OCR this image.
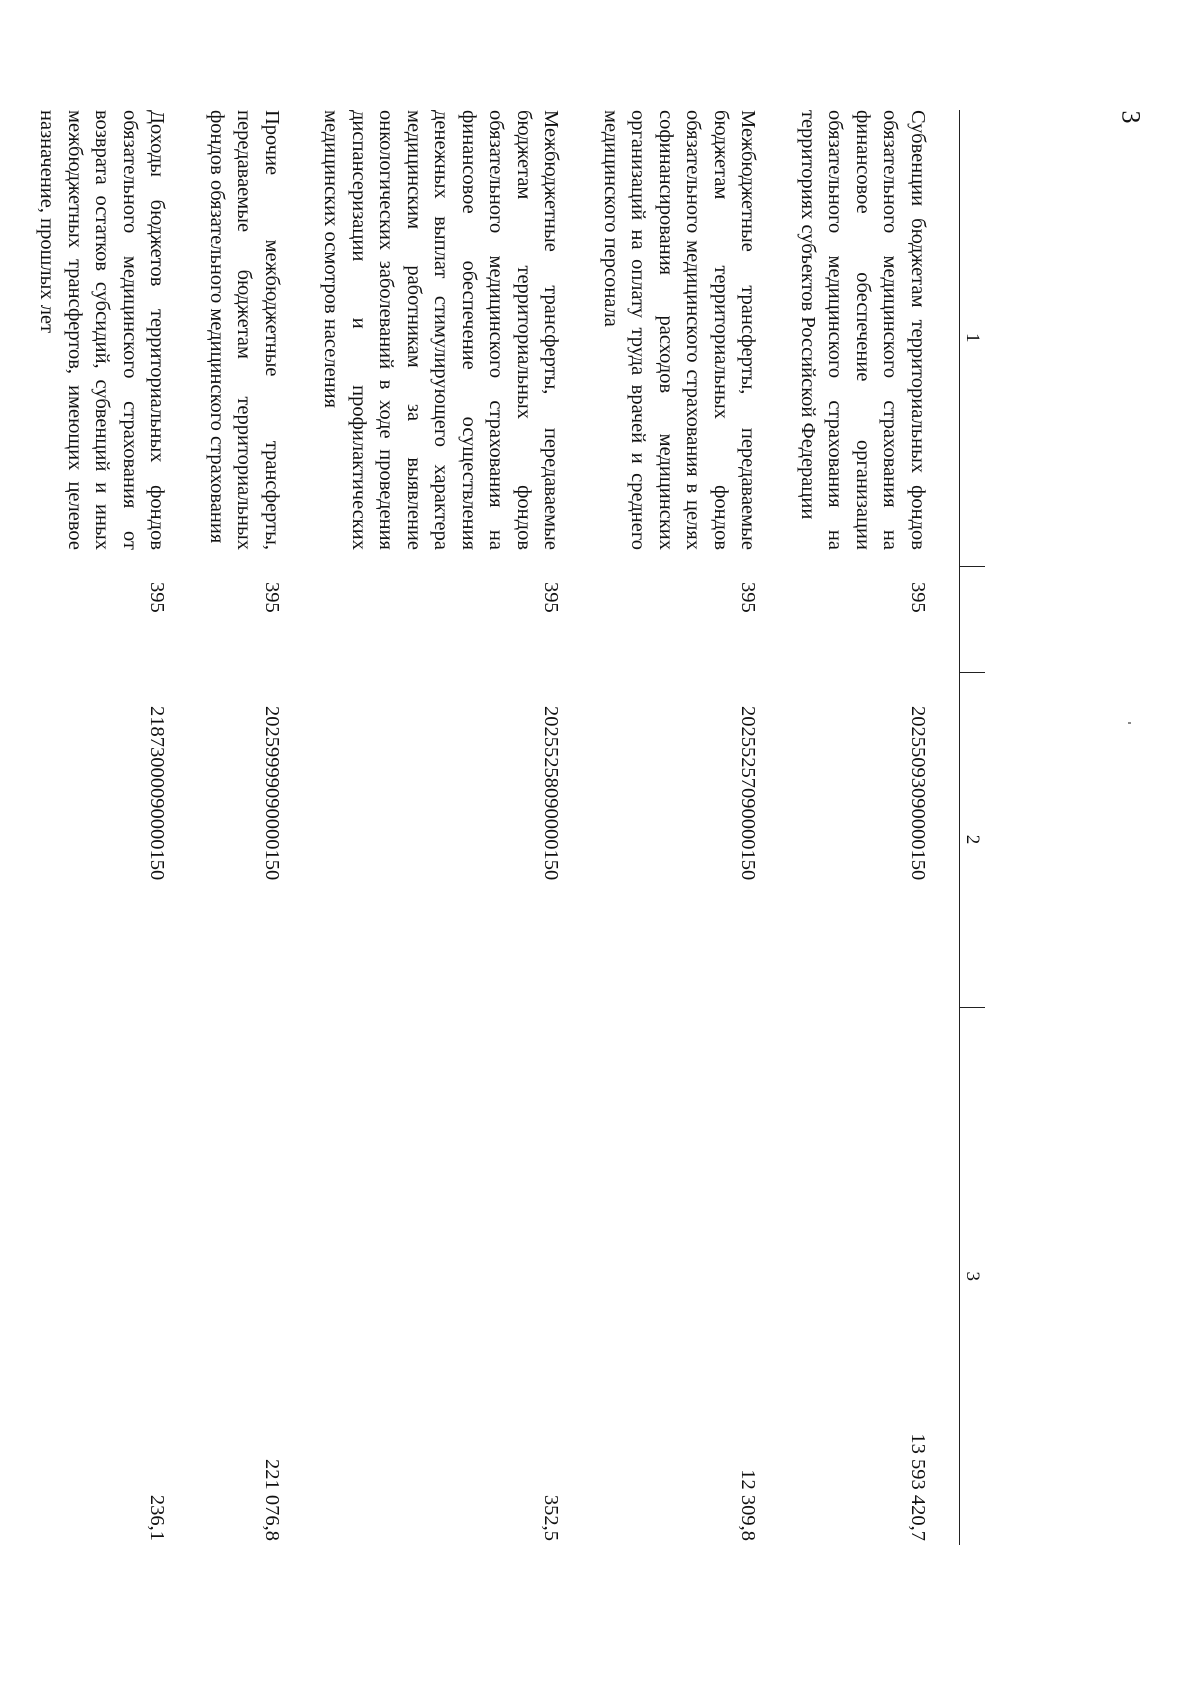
3
1		2	3
Субвенции бюджетам территориальных фондов обязательного медицинского страхования на финансовое обеспечение организации обязательного медицинского страхования на территориях субъектов Российской Федерации	395	20255093090000150	13 593 420,7
Межбюджетные трансферты, передаваемые бюджетам территориальных фондов обязательного медицинского страхования в целях софинансирования расходов медицинских организаций на оплату труда врачей и среднего медицинского персонала	395	20255257090000150	12 309,8
Межбюджетные трансферты, передаваемые бюджетам территориальных фондов обязательного медицинского страхования на финансовое обеспечение осуществления денежных выплат стимулирующего характера медицинским работникам за выявление онкологических заболеваний в ходе проведения диспансеризации и профилактических медицинских осмотров населения	395	20255258090000150	352,5
Прочие межбюджетные трансферты, передаваемые бюджетам территориальных фондов обязательного медицинского страхования	395	20259999090000150	221 076,8
Доходы бюджетов территориальных фондов обязательного медицинского страхования от возврата остатков субсидий, субвенций и иных межбюджетных трансфертов, имеющих целевое назначение, прошлых лет	395	21873000090000150	236,1
